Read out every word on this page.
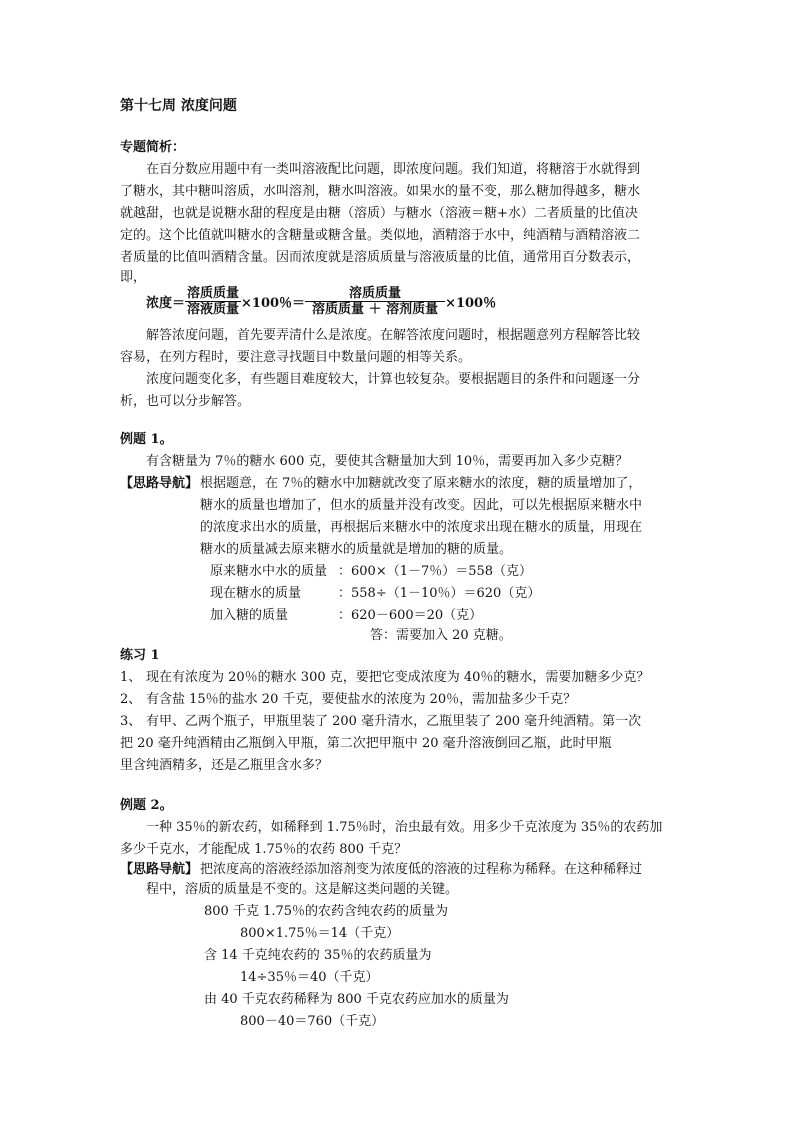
第十七周 浓度问题
专题简析：
在百分数应用题中有一类叫溶液配比问题，即浓度问题。我们知道，将糖溶于水就得到
了糖水，其中糖叫溶质，水叫溶剂，糖水叫溶液。如果水的量不变，那么糖加得越多，糖水
就越甜，也就是说糖水甜的程度是由糖（溶质）与糖水（溶液＝糖+水）二者质量的比值决
定的。这个比值就叫糖水的含糖量或糖含量。类似地，酒精溶于水中，纯酒精与酒精溶液二
者质量的比值叫酒精含量。因而浓度就是溶质质量与溶液质量的比值，通常用百分数表示，
即，
浓度＝ $\frac{\text{溶质质量}}{\text{溶液质量}} \times 100$％＝ $\frac{\text{溶质质量}}{\text{溶质质量 ＋ 溶剂质量}} \times 100$％
解答浓度问题，首先要弄清什么是浓度。在解答浓度问题时，根据题意列方程解答比较
容易，在列方程时，要注意寻找题目中数量问题的相等关系。
浓度问题变化多，有些题目难度较大，计算也较复杂。要根据题目的条件和问题逐一分
析，也可以分步解答。
例题 1。
有含糖量为 7％的糖水 600 克，要使其含糖量加大到 10％，需要再加入多少克糖？
【思路导航】 根据题意，在 7％的糖水中加糖就改变了原来糖水的浓度，糖的质量增加了，
糖水的质量也增加了，但水的质量并没有改变。因此，可以先根据原来糖水中
的浓度求出水的质量，再根据后来糖水中的浓度求出现在糖水的质量，用现在
糖水的质量减去原来糖水的质量就是增加的糖的质量。
原来糖水中水的质量 ：600×（1－7％）＝558（克）
现在糖水的质量	：558÷（1－10％）＝620（克）
加入糖的质量	：620－600＝20（克）
答：需要加入 20 克糖。
练习 1
1、 现在有浓度为 20％的糖水 300 克，要把它变成浓度为 40％的糖水，需要加糖多少克？
2、 有含盐 15％的盐水 20 千克，要使盐水的浓度为 20％，需加盐多少千克？
3、 有甲、乙两个瓶子，甲瓶里装了 200 毫升清水，乙瓶里装了 200 毫升纯酒精。第一次
把 20 毫升纯酒精由乙瓶倒入甲瓶，第二次把甲瓶中 20 毫升溶液倒回乙瓶，此时甲瓶
里含纯酒精多，还是乙瓶里含水多？
例题 2。
一种 35％的新农药，如稀释到 1.75％时，治虫最有效。用多少千克浓度为 35％的农药加
多少千克水，才能配成 1.75％的农药 800 千克？
【思路导航】 把浓度高的溶液经添加溶剂变为浓度低的溶液的过程称为稀释。在这种稀释过
程中，溶质的质量是不变的。这是解这类问题的关键。
800 千克 1.75％的农药含纯农药的质量为
800×1.75％＝14（千克）
含 14 千克纯农药的 35％的农药质量为
14÷35％＝40（千克）
由 40 千克农药稀释为 800 千克农药应加水的质量为
800－40＝760（千克）
